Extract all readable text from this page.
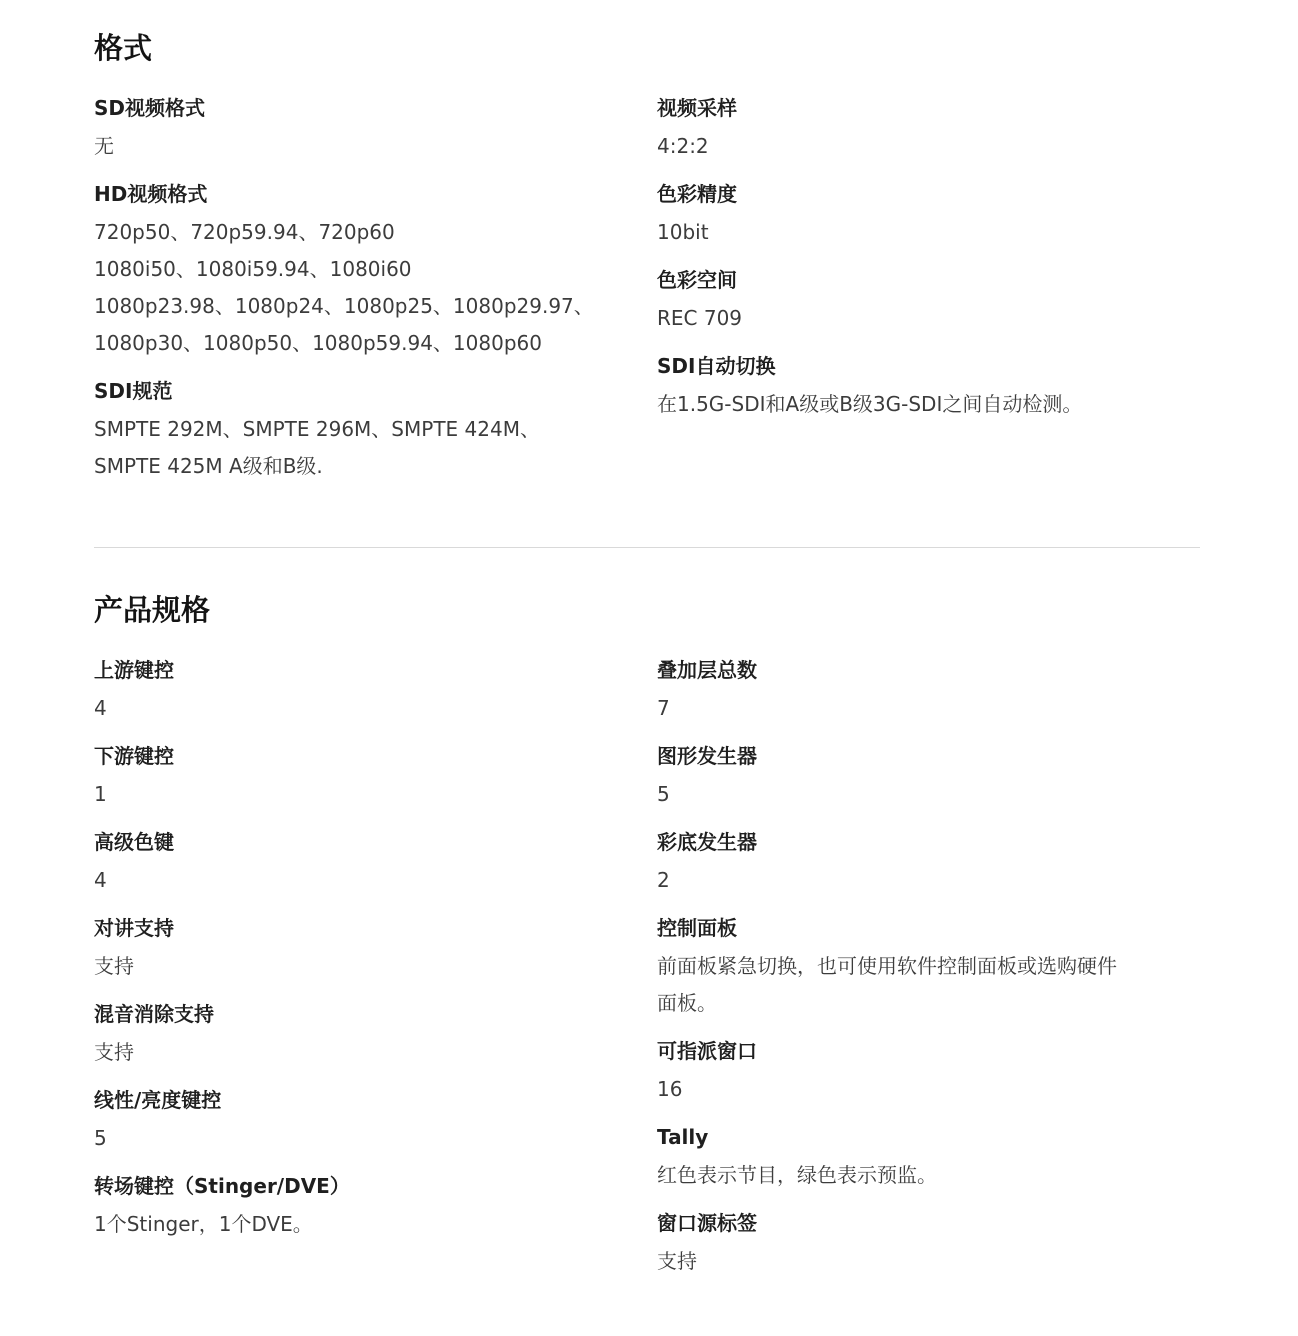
格式
SD视频格式
无
HD视频格式
720p50、720p59.94、720p60
1080i50、1080i59.94、1080i60
1080p23.98、1080p24、1080p25、1080p29.97、
1080p30、1080p50、1080p59.94、1080p60
SDI规范
SMPTE 292M、SMPTE 296M、SMPTE 424M、
SMPTE 425M A级和B级.
视频采样
4:2:2
色彩精度
10bit
色彩空间
REC 709
SDI自动切换
在1.5G-SDI和A级或B级3G-SDI之间自动检测。
产品规格
上游键控
4
下游键控
1
高级色键
4
对讲支持
支持
混音消除支持
支持
线性/亮度键控
5
转场键控（Stinger/DVE）
1个Stinger，1个DVE。
叠加层总数
7
图形发生器
5
彩底发生器
2
控制面板
前面板紧急切换，也可使用软件控制面板或选购硬件
面板。
可指派窗口
16
Tally
红色表示节目，绿色表示预监。
窗口源标签
支持
